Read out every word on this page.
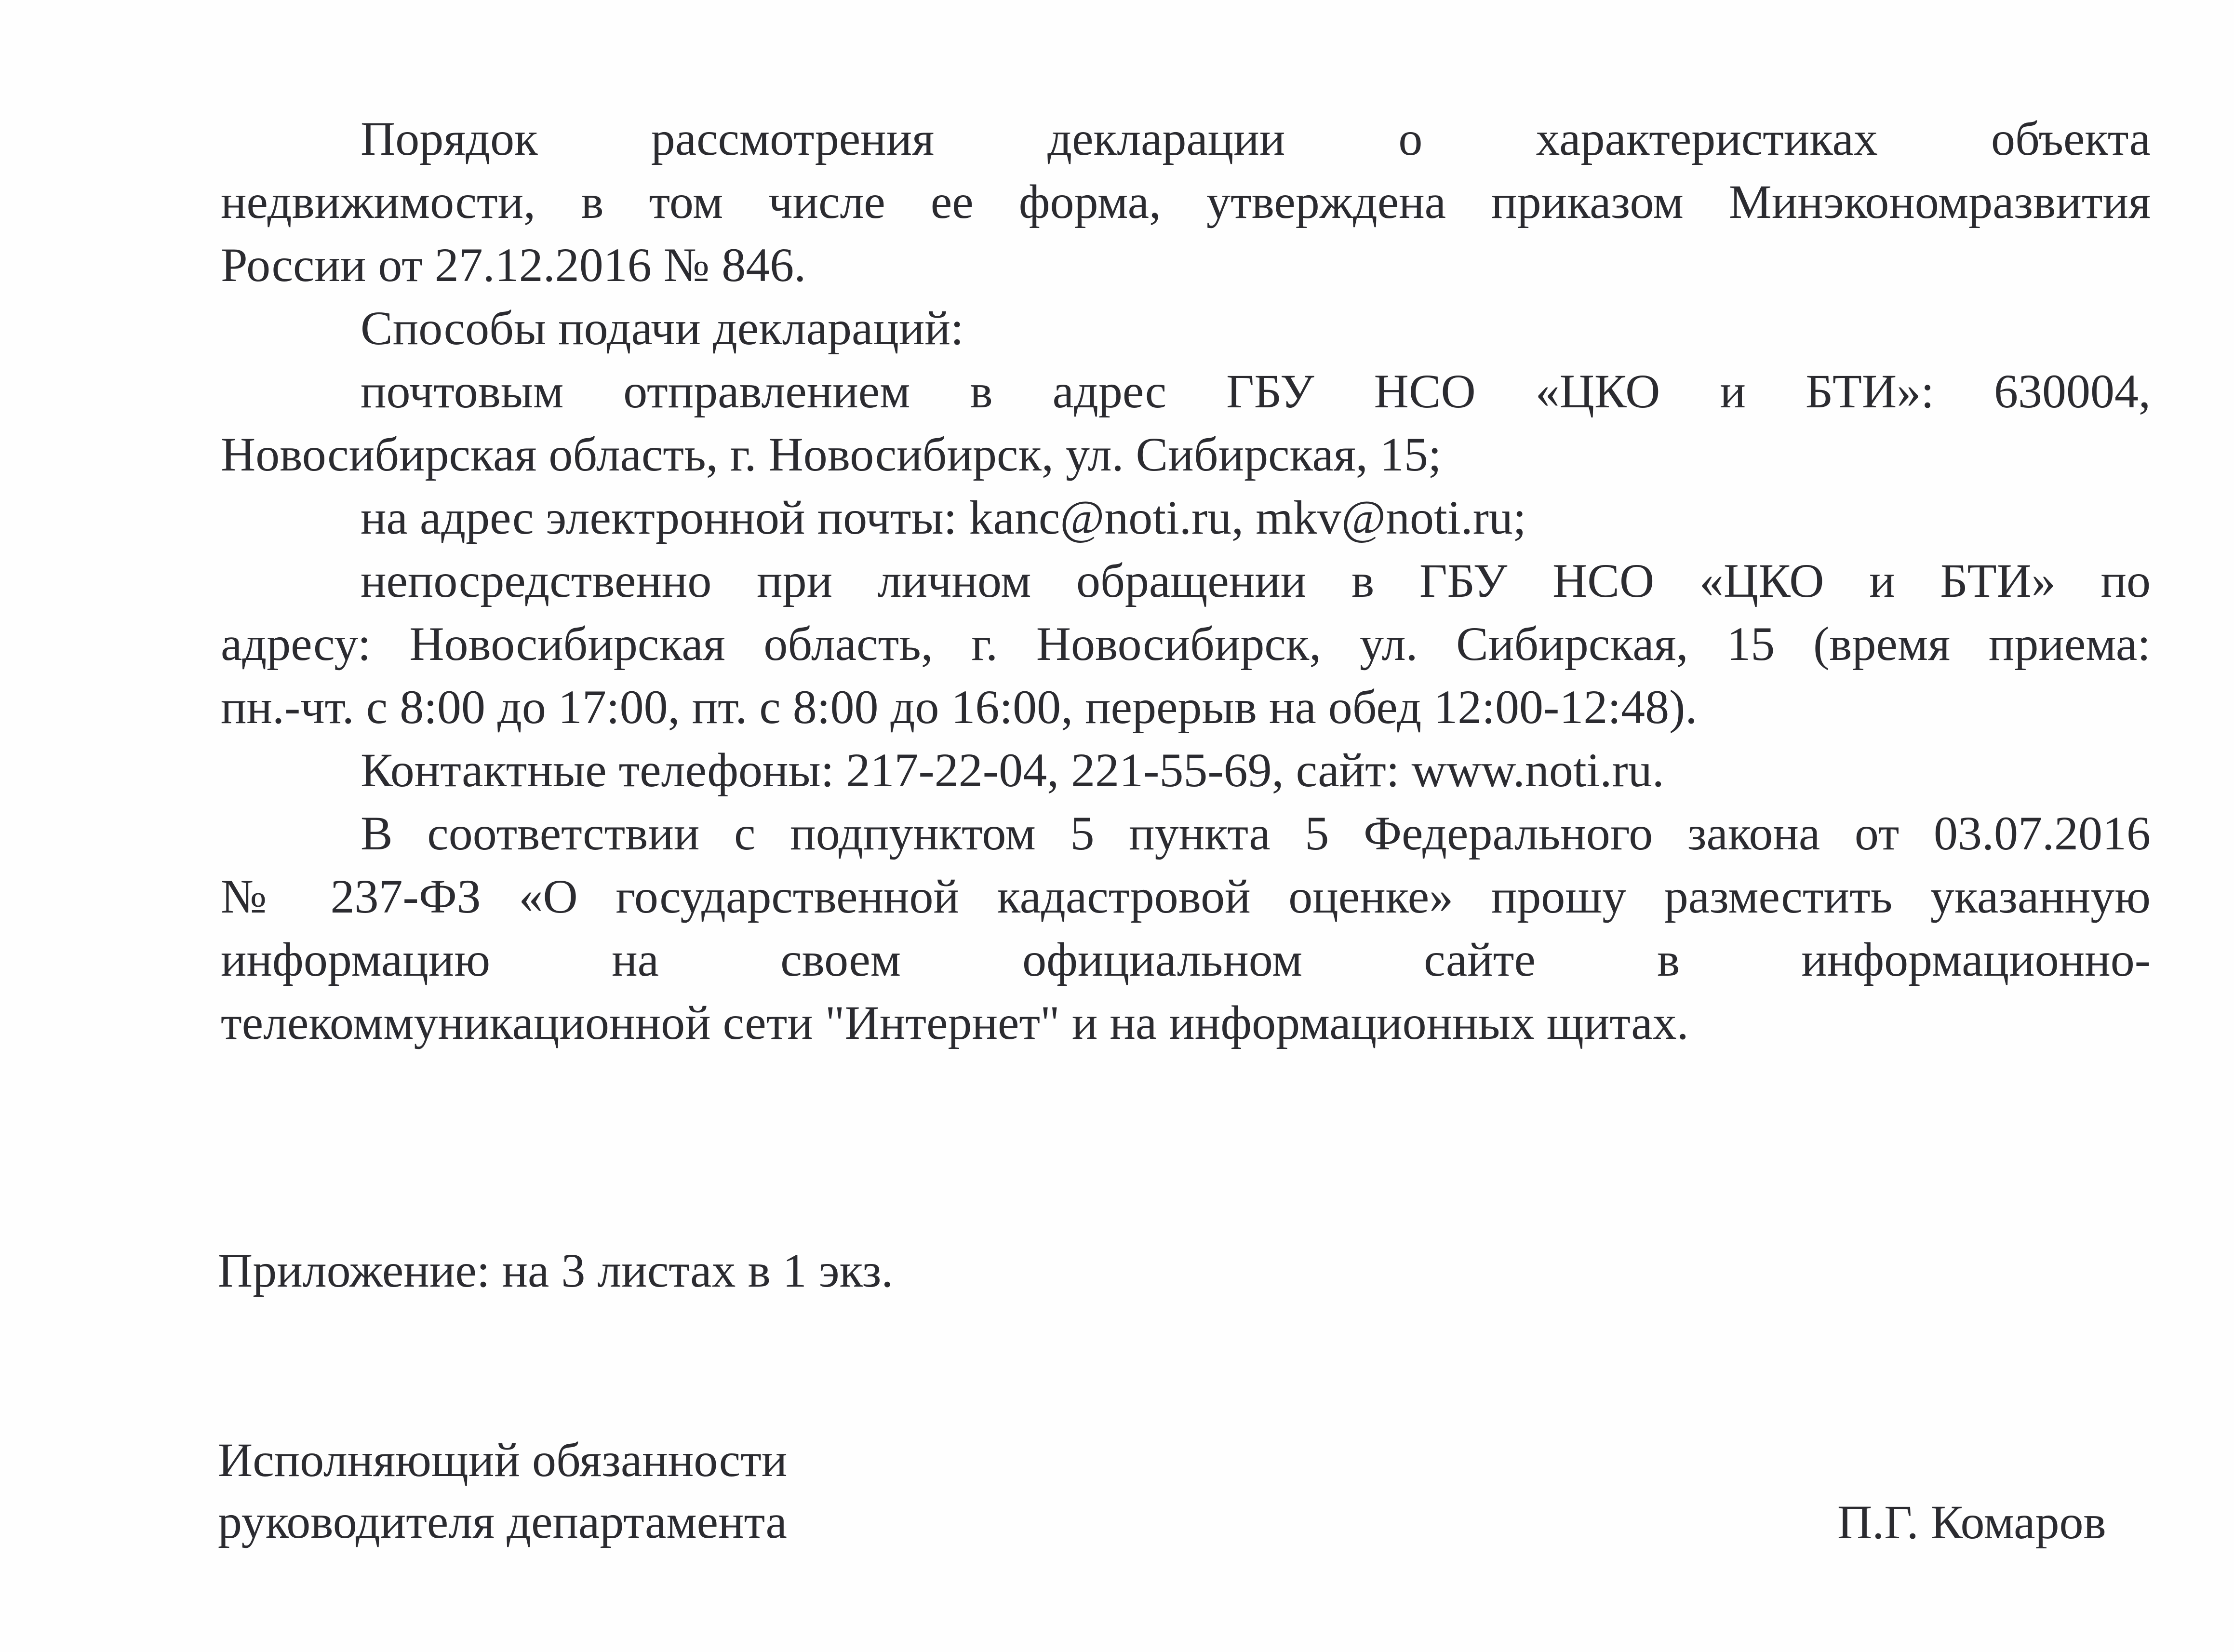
Порядок рассмотрения декларации о характеристиках объекта
недвижимости, в том числе ее форма, утверждена приказом Минэкономразвития
России от 27.12.2016 № 846.
Способы подачи деклараций:
почтовым отправлением в адрес ГБУ НСО «ЦКО и БТИ»: 630004,
Новосибирская область, г. Новосибирск, ул. Сибирская, 15;
на адрес электронной почты: kanc@noti.ru, mkv@noti.ru;
непосредственно при личном обращении в ГБУ НСО «ЦКО и БТИ» по
адресу: Новосибирская область, г. Новосибирск, ул. Сибирская, 15 (время приема:
пн.-чт. с 8:00 до 17:00, пт. с 8:00 до 16:00, перерыв на обед 12:00-12:48).
Контактные телефоны: 217-22-04, 221-55-69, сайт: www.noti.ru.
В соответствии с подпунктом 5 пункта 5 Федерального закона от 03.07.2016
№ 237-ФЗ «О государственной кадастровой оценке» прошу разместить указанную
информацию на своем официальном сайте в информационно-
телекоммуникационной сети "Интернет" и на информационных щитах.
Приложение: на 3 листах в 1 экз.
Исполняющий обязанности
руководителя департамента	П.Г. Комаров
